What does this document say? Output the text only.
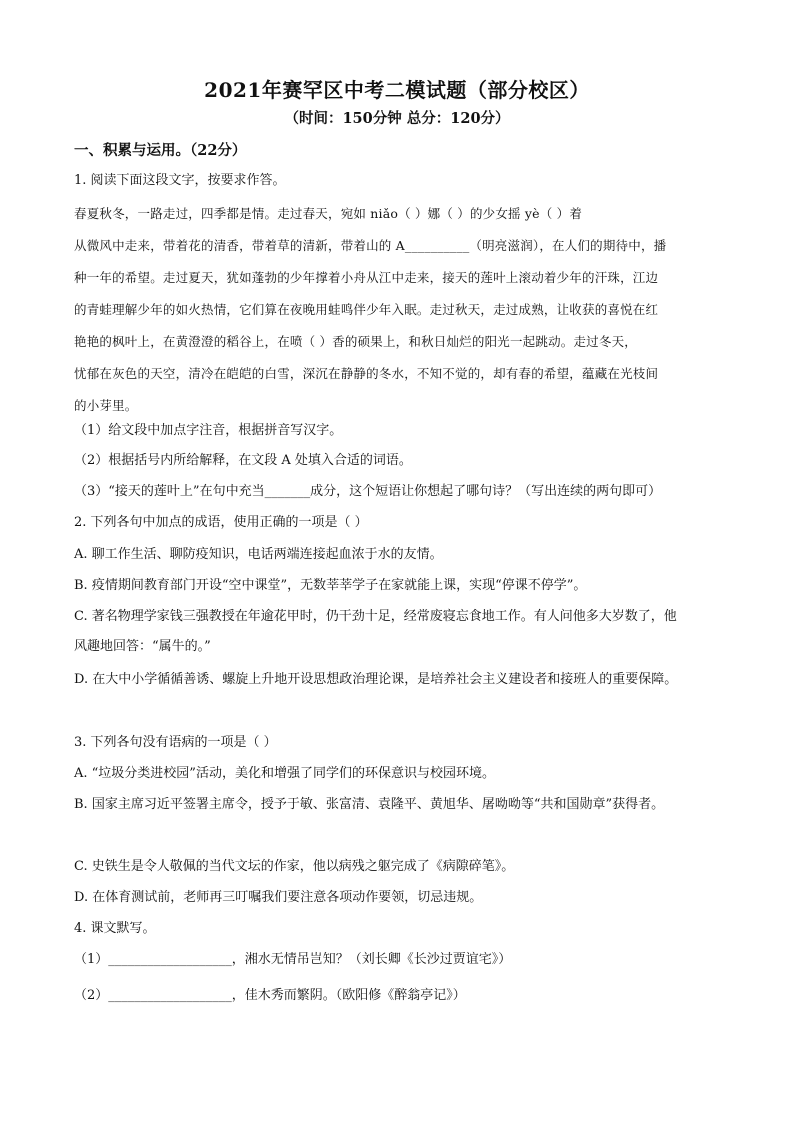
2021年赛罕区中考二模试题（部分校区）
（时间：150分钟 总分：120分）
一、积累与运用。（22分）
1. 阅读下面这段文字，按要求作答。
春夏秋冬，一路走过，四季都是情。走过春天，宛如 niǎo（ ）娜（ ）的少女摇 yè（ ）着
从微风中走来，带着花的清香，带着草的清新，带着山的 A__________（明亮滋润），在人们的期待中，播
种一年的希望。走过夏天，犹如蓬勃的少年撑着小舟从江中走来，接天的莲叶上滚动着少年的汗珠，江边
的青蛙理解少年的如火热情，它们算在夜晚用蛙鸣伴少年入眠。走过秋天，走过成熟，让收获的喜悦在红
艳艳的枫叶上，在黄澄澄的稻谷上，在喷（ ）香的硕果上，和秋日灿烂的阳光一起跳动。走过冬天，
忧郁在灰色的天空，清冷在皑皑的白雪，深沉在静静的冬水，不知不觉的，却有春的希望，蕴藏在光枝间
的小芽里。
（1）给文段中加点字注音，根据拼音写汉字。
（2）根据括号内所给解释，在文段 A 处填入合适的词语。
（3）“接天的莲叶上”在句中充当_______成分，这个短语让你想起了哪句诗？（写出连续的两句即可）
2. 下列各句中加点的成语，使用正确的一项是（ ）
A. 聊工作生活、聊防疫知识，电话两端连接起血浓于水的友情。
B. 疫情期间教育部门开设“空中课堂”，无数莘莘学子在家就能上课，实现“停课不停学”。
C. 著名物理学家钱三强教授在年逾花甲时，仍干劲十足，经常废寝忘食地工作。有人问他多大岁数了，他
风趣地回答：“属牛的。”
D. 在大中小学循循善诱、螺旋上升地开设思想政治理论课，是培养社会主义建设者和接班人的重要保障。
3. 下列各句没有语病的一项是（ ）
A. “垃圾分类进校园”活动，美化和增强了同学们的环保意识与校园环境。
B. 国家主席习近平签署主席令，授予于敏、张富清、袁隆平、黄旭华、屠呦呦等“共和国勋章”获得者。
C. 史铁生是令人敬佩的当代文坛的作家，他以病残之躯完成了《病隙碎笔》。
D. 在体育测试前，老师再三叮嘱我们要注意各项动作要领，切忌违规。
4. 课文默写。
（1）___________________，湘水无情吊岂知？（刘长卿《长沙过贾谊宅》）
（2）___________________，佳木秀而繁阴。（欧阳修《醉翁亭记》）
